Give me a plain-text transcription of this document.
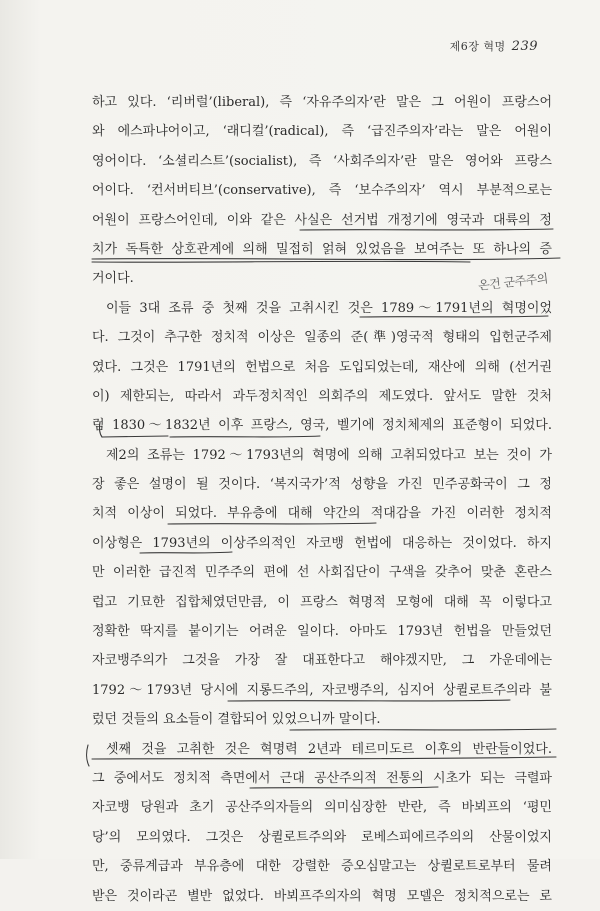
제6장 혁명 239
하고 있다. ‘리버럴’(liberal), 즉 ‘자유주의자’란 말은 그 어원이 프랑스어
와 에스파냐어이고, ‘래디컬’(radical), 즉 ‘급진주의자’라는 말은 어원이
영어이다. ‘소셜리스트’(socialist), 즉 ‘사회주의자’란 말은 영어와 프랑스
어이다. ‘컨서버티브’(conservative), 즉 ‘보수주의자’ 역시 부분적으로는
어원이 프랑스어인데, 이와 같은 사실은 선거법 개정기에 영국과 대륙의 정
치가 독특한 상호관계에 의해 밀접히 얽혀 있었음을 보여주는 또 하나의 증
거이다.
이들 3대 조류 중 첫째 것을 고취시킨 것은 1789～1791년의 혁명이었
다. 그것이 추구한 정치적 이상은 일종의 준(準)영국적 형태의 입헌군주제
였다. 그것은 1791년의 헌법으로 처음 도입되었는데, 재산에 의해 (선거권
이) 제한되는, 따라서 과두정치적인 의회주의 제도였다. 앞서도 말한 것처
럼 1830～1832년 이후 프랑스, 영국, 벨기에 정치체제의 표준형이 되었다.
제2의 조류는 1792～1793년의 혁명에 의해 고취되었다고 보는 것이 가
장 좋은 설명이 될 것이다. ‘복지국가’적 성향을 가진 민주공화국이 그 정
치적 이상이 되었다. 부유층에 대해 약간의 적대감을 가진 이러한 정치적
이상형은 1793년의 이상주의적인 자코뱅 헌법에 대응하는 것이었다. 하지
만 이러한 급진적 민주주의 편에 선 사회집단이 구색을 갖추어 맞춘 혼란스
럽고 기묘한 집합체였던만큼, 이 프랑스 혁명적 모형에 대해 꼭 이렇다고
정확한 딱지를 붙이기는 어려운 일이다. 아마도 1793년 헌법을 만들었던
자코뱅주의가 그것을 가장 잘 대표한다고 해야겠지만, 그 가운데에는
1792～1793년 당시에 지롱드주의, 자코뱅주의, 심지어 상퀼로트주의라 불
렀던 것들의 요소들이 결합되어 있었으니까 말이다.
셋째 것을 고취한 것은 혁명력 2년과 테르미도르 이후의 반란들이었다.
그 중에서도 정치적 측면에서 근대 공산주의적 전통의 시초가 되는 극렬파
자코뱅 당원과 초기 공산주의자들의 의미심장한 반란, 즉 바뵈프의 ‘평민
당’의 모의였다. 그것은 상퀼로트주의와 로베스피에르주의의 산물이었지
만, 중류계급과 부유층에 대한 강렬한 증오심말고는 상퀼로트로부터 물려
받은 것이라곤 별반 없었다. 바뵈프주의자의 혁명 모델은 정치적으로는 로
온건 군주주의
